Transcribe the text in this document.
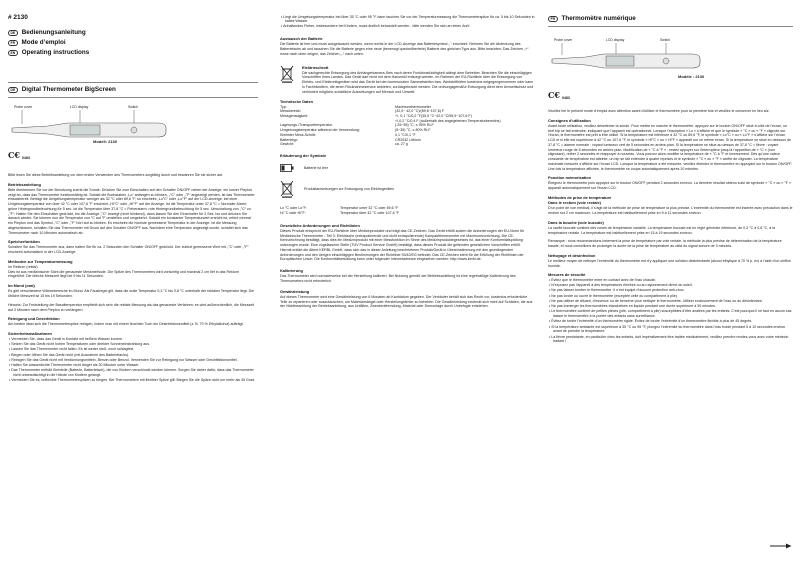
# 2130
DE	Bedienungsanleitung
FR	Mode d’emploi
EN	Operating instructions
DE	Digital Thermometer BigScreen
Probe cover	LCD display	Switch
Modell: 2130
C€ 0483

Bitte lesen Sie diese Betriebsanleitung vor dem ersten Verwenden des Thermometers sorgfältig durch und bewahren Sie sie sicher auf.

Betriebsanleitung

Bitte überkennen Sie vor der Benutzung zuerst die Sonde. Drücken Sie zum Einschalten auf den Schalter ON/OFF neben der Anzeige, ein kurzer Pieplon zeigt an, dass das Thermometer funktionsfähig ist. Sobald die Buchstaben „Lo“ anfangen zu blinken, „°C“ oder „°F“ angezeigt werden, ist das Thermometer einsatzbereit. Beträgt die Umgebungstemperatur weniger als 32 °C oder 89,6 °F, so erscheint „Lo°C“ oder „Lo°F“ auf der LCD-Anzeige; bei einer Umgebungstemperatur von über 42 °C oder 107,6 °F erscheint „HI°C“ oder „HI°F“ auf der Anzeige. Ist die Temperatur unter 37,8 °C = Normaler Alarm: grüne Hintergrundbeleuchtung für 5 sec. Ist die Temperatur über 37,8 °C = Fieberalarm: rote Hintergrundbeleuchtung für 5 sec. Umschaltung von „°C“ zu „°F“: Halten Sie den Einschalter gedrückt, bis die Anzeige „°C“ anzeigt (nicht blinkend), dann lassen Sie den Einschalter für 2 Sek. los und drücken Sie danach wieder. Sie können nun die Temperatur von °C auf °F umstellen und umgekehrt. Sobald ein konstanter Temperaturwert erreicht ist, ertönt viermal ein Piepton und das Symbol „°C“ oder „°F“ hört auf zu blinken. Es erscheint die höchste gemessene Temperatur in der Anzeige. Ist die Messung abgeschlossen, schalten Sie das Thermometer mit Druck auf den Schalter ON/OFF aus. Nachdem eine Temperatur angezeigt wurde, schaltet sich das Thermometer nach 10 Minuten automatisch ab.

Speicherfunktion

Schalten Sie das Thermometer aus, dann halten Sie für ca. 2 Sekunden den Schalter ON/OFF gedrückt. Der zuletzt gemessene Wert mit „°C“ oder „°F“ erscheint automatisch in der LCD-Anzeige.

Methoden zur Temperaturmessung

Im Rektum (rektal)
Dies ist aus medizinischer Sicht die genaueste Messmethode. Die Spitze des Thermometers wird vorsichtig und maximal 2 cm tief in das Rektum eingeführt. Die übliche Messzeit liegt bei 9 bis 11 Sekunden.

Im Mund (oral)

Es gibt verschiedene Wärmebereiche im Mund. Als Faustregel gilt, dass die orale Temperatur 0,3 °C bis 0,8 °C unterhalb der rektalen Temperatur liegt. Die übliche Messzeit ist 15 bis 19 Sekunden.

Hinweis: Zur Feststellung der Basaltemperatur empfiehlt sich sehr die rektale Messung als das genaueste Verfahren; es wird außerordentlich, die Messzeit auf 3 Minuten nach dem Piepton zu verlängern.

Reinigung und Desinfektion

Am besten lässt sich die Thermometerspitze reinigen, indem man mit einem feuchten Tuch ein Desinfektionsmittel (z. B. 70 % Ethylalkohol) aufträgt.

Sicherheitsmaßnahmen
• Vermeiden Sie, dass das Gerät in Kontakt mit heißem Wasser kommt.
• Setzen Sie das Gerät nicht hohen Temperaturen oder direkter Sonneneinstrahlung aus.
• Lassen Sie das Thermometer nicht fallen. Es ist weder stoß- noch schlagfest.
• Biegen oder öffnen Sie das Gerät nicht (mit Ausnahme des Batteriefachs).
• Reinigen Sie das Gerät nicht mit Verdünnungsmitteln, Benzin oder Benzol. Verwenden Sie zur Reinigung nur Wasser oder Desinfektionsmittel.
• Halten Sie wasserdichte Thermometer nicht länger als 30 Minuten unter Wasser.
• Das Thermometer enthält Kleinteile (Batterie, Batteriefach), die von Kindern verschluckt werden können. Sorgen Sie daher dafür, dass das Thermometer nicht unbeaufsichtigt in die Hände von Kindern gelangt.
• Vermeiden Sie es, unflexible Thermometerspitzen zu biegen. Bei Thermometern mit flexibler Spitze gilt: Biegen Sie die Spitze nicht um mehr als 45 Grad.
• Liegt die Umgebungstemperatur bei über 35 °C oder 95 °F dann tauchen Sie vor der Temperaturmessung die Thermometerspitze für ca. 5 bis 10 Sekunden in kaltes Wasser.
• Anhaltendes Fieber, insbesondere bei Kindern, muss ärztlich behandelt werden - bitte wenden Sie sich an einen Arzt!
Austausch der Batterie

Die Batterie ist leer und muss ausgetauscht werden, wenn rechts in der LCD-Anzeige das Batteriesymbol „ “ erscheint. Nehmen Sie die Abdeckung des Batteriefachs ab und tauschen Sie die Batterie gegen eine neue (benenzgt quecksilberfreie) Batterie des gleichen Typs aus. Bitte beachten: Das Zeichen „+“ muss nach oben zeigen, das Zeichen „-“ nach unten.

Elektroschrott

Die sachgerechte Entsorgung des Anhängerkamera-Sets nach deren Funktionstüchtigkeit obliegt dem Betreiber. Beachten Sie die einschlägigen Vorschriften Ihres Landes. Das Gerät darf nicht mit dem Hausmüll entsorgt werden. Im Rahmen der EU-Richtlinie über die Entsorgung von Elektro- und Elektronikgeräten wird das Gerät bei den kommunalen Sammelstellen bzw. Wertstoffhöfen kostenlos entgegengenommen oder kann in Fachhändlern, die einen Rücknahmeservice anbieten, zurückgebracht werden. Die ordnungsgemäße Entsorgung dient dem Umweltschutz und verhindert mögliche schädliche Auswirkungen auf Mensch und Umwelt.

Technische Daten
Typ:	Maximumthermometer
Messbereich:	(32,0~ 42,0 °C)/(89,6~107,6) F
Messgenauigkeit:	+/- 0,1 °C/0,2 °F(35,5 °C~42,0 °C/95,9~107,6 F)
+/-0,2 °C/0,4 F (außerhalb des angegebenen Temperaturbereichs)
Lagerungs-/Transporttemperatur:	(-25~55) °C, ≤ 95% RLF
Umgebungstemperatur während der Verwendung:	(5~35) °C, ≤ 80% RLF
Kleinster Mess-Schritt:	0,1 °C/0,1 °F
Batterietyp:	CR2032 Lithium
Gewicht:	ca. 27 g
Erläuterung der Symbole
Batterie ist leer
Produktanweisungen zur Entsorgung von Elektrogeräten
Lo °C oder Lo°F:	Temperatur unter 32 °C oder 89,6 °F
Hi °C oder Hi°F:	Temperatur über 42 °C oder 107,6 °F
Gesetzliche Anforderungen und Richtlinien

Dieses Produkt entspricht der EU-Richtlinie über Medizinprodukte und trägt das CE-Zeichen. Das Gerät erfüllt zudem die Anforderungen der EU-Norm für Medizinische Thermometer - Teil 3: Elektrische (extrapolierende und nicht extrapolierende) Kompaktthermometer mit Maximumvorrichtung. Die CE-Kennzeichnung bestätigt, dass dies ein Medizinprodukt mit einer Messfunktion im Sinne des Medizinproduktegesetzes ist, das einer Konformitätsprüfung unterzogen wurde. Eine zugelassene Stelle (TÜV Product Service GmbH) bestätigt, dass dieses Produkt die geltenden gesetzlichen Vorschriften erfüllt.
Hiermit erklärt die Albert KERBL GmbH, dass sich das in dieser Anleitung beschriebene Produkt/Gerät in Übereinstimmung mit den grundlegenden Anforderungen und den übrigen einschlägigen Bestimmungen der Richtlinie 93/42/EG befindet. Das CE-Zeichen steht für die Erfüllung der Richtlinien der Europäischen Union. Die Konformitätserklärung kann unter folgender Internetadresse eingesehen werden: http://www.kerbl.de.

Kalibrierung

Das Thermometer wird normalerweise bei der Herstellung kalibriert. Bei Nutzung gemäß der Betriebsanleitung ist eine regelmäßige Kalibrierung des Thermometers nicht erforderlich.

Gewährleistung

Auf dieses Thermometer wird eine Gewährleistung von 6 Monaten ab Kaufdatum gegeben. Der Verkäufer behält sich das Recht vor, kostenlos erforderliche Teile zu reparieren oder auszutauschen, um Materialmängel oder Herstellungsfehler zu beheben. Die Gewährleistung erstreckt sich nicht auf Schäden, die aus der Nichtbeachtung der Betriebsanleitung, aus Unfällen, Zweckentfremdung, Material oder Demontage durch Unbefugte entstehen.

FR	Thermomètre numérique
Probe cover	LCD display	Switch
Modèle : 2130
C€ 0483

Veuillez lire le présent mode d’emploi avec attention avant d’utiliser le thermomètre pour la première fois et veuillez le conserver en lieu sûr.

Consignes d’utilisation

Avant toute utilisation, veuillez désinfecter la sonde. Pour mettre en marche le thermomètre, appuyez sur le bouton ON/OFF situé à côté de l’écran, un bref bip se fait entendre, indiquant que l’appareil est opérationnel. Lorsque l’inscription « Lo » s’affiche et que le symbole « °C » ou « °F » clignote sur l’écran, le thermomètre est prêt à être utilisé. Si la température est inférieure à 32 °C ou 89,6 °F, le symbole « Lo°C » ou « Lo°F » s’affiche sur l’écran LCD et si elle est supérieure à 42 °C ou 107,6 °F, le symbole « Hi°C » ou « Hi°F » apparaît sur ce même écran. Si la température se situe en dessous de 37,8 °C = alarme normale : voyant lumineux vert de 5 secondes en arrière-plan. Si la température se situe au dessus de 37,8 °C = fièvre : voyant lumineux rouge de 5 secondes en arrière-plan. Modification de « °C à °F » : restez appuyer sur l’interrupteur jusqu’à l’apparition de « °C » (non clignotant), retirer 2 secondes et réappuyer à nouveau. Vous pouvez alors modifier la température de « °C à °F et inversement. Dès qu’une valeur constante de température est atteinte, un bip se fait entendre à quatre reprises et le symbole « °C » ou « °F » arrête de clignoter. La température maximale mesurée s’affiche sur l’écran LCD. Lorsque la température a été mesurée, veuillez éteindre le thermomètre en appuyant sur le bouton ON/OFF. Une fois la température affichée, le thermomètre se coupe automatiquement après 10 minutes.

Fonction mémorisation

Éteignez le thermomètre puis appuyez sur le bouton ON/OFF pendant 2 secondes environ. La dernière résultat obtenu suivi de symbole « °C » ou « °F » apparaît automatiquement sur l’écran LCD.

Méthodes de prise de température
Dans le rectum (voie rectale)

D’un point de vue médical, il s’agit de la méthode de prise de température la plus précise. L’extrémité du thermomètre est insérée avec précaution dans le rectum sur 2 cm maximum. La température est habituellement prise en 9 à 11 secondes environ.

Dans la bouche (voie buccale)

La cavité buccale contient des zones de température variable. La température buccale est en règle générale inférieure, de 0,3 °C à 0,8 °C, à la température rectale. La température est habituellement prise en 15 à 19 secondes environ.

Remarque : nous recommandons fortement la prise de température par voie rectale, la méthode la plus précise de détermination de la température basale, et nous conseillons de prolonger la durée de la prise de température au-delà du signal sonore de 3 minutes.

Nettoyage et désinfection

Le meilleur moyen de nettoyer l’extrémité du thermomètre est d’y appliquer une solution désinfectante (alcool éthylique à 70 % p. ex) à l’aide d’un chiffon humide.

Mesures de sécurité
• Évitez que le thermomètre entre en contact avec de l’eau chaude.
• N’exposez pas l’appareil à des températures élevées ou au rayonnement direct du soleil.
• Ne pas laisser tomber le thermomètre. Il n’est équipé d’aucune protection anti-choc.
• Ne pas tordre ou ouvrir le thermomètre (exceptée celle du compartiment à pile).
• Ne pas utiliser de diluant, d’essence ou de benzène pour nettoyer le thermomètre. Utiliser exclusivement de l’eau ou du désinfectant.
• Ne pas immerger les thermomètres étanchéisés en liquide pendant une durée supérieure à 30 minutes.
• Le thermomètre contient de petites pièces (pile, compartiment à pile) susceptibles d’être avalées par les enfants. C’est pourquoi il ne faut en aucun cas laisser le thermomètre à la portée des enfants sans surveillance.
• Évitez de tordre l’extrémité d’un thermomètre rigide. Évitez de tordre l’extrémité d’un thermomètre flexible à plus de 45 degrés.
• Si la température ambiante est supérieure à 35 °C ou 95 °F, plongez l’extrémité du thermomètre dans l’eau froide pendant 5 à 10 secondes environ avant de prendre la température.
• La fièvre persistante, en particulier chez les enfants, doit impérativement être traitée médicalement, veuillez prendre rendez-vous avec votre médecin traitant !
